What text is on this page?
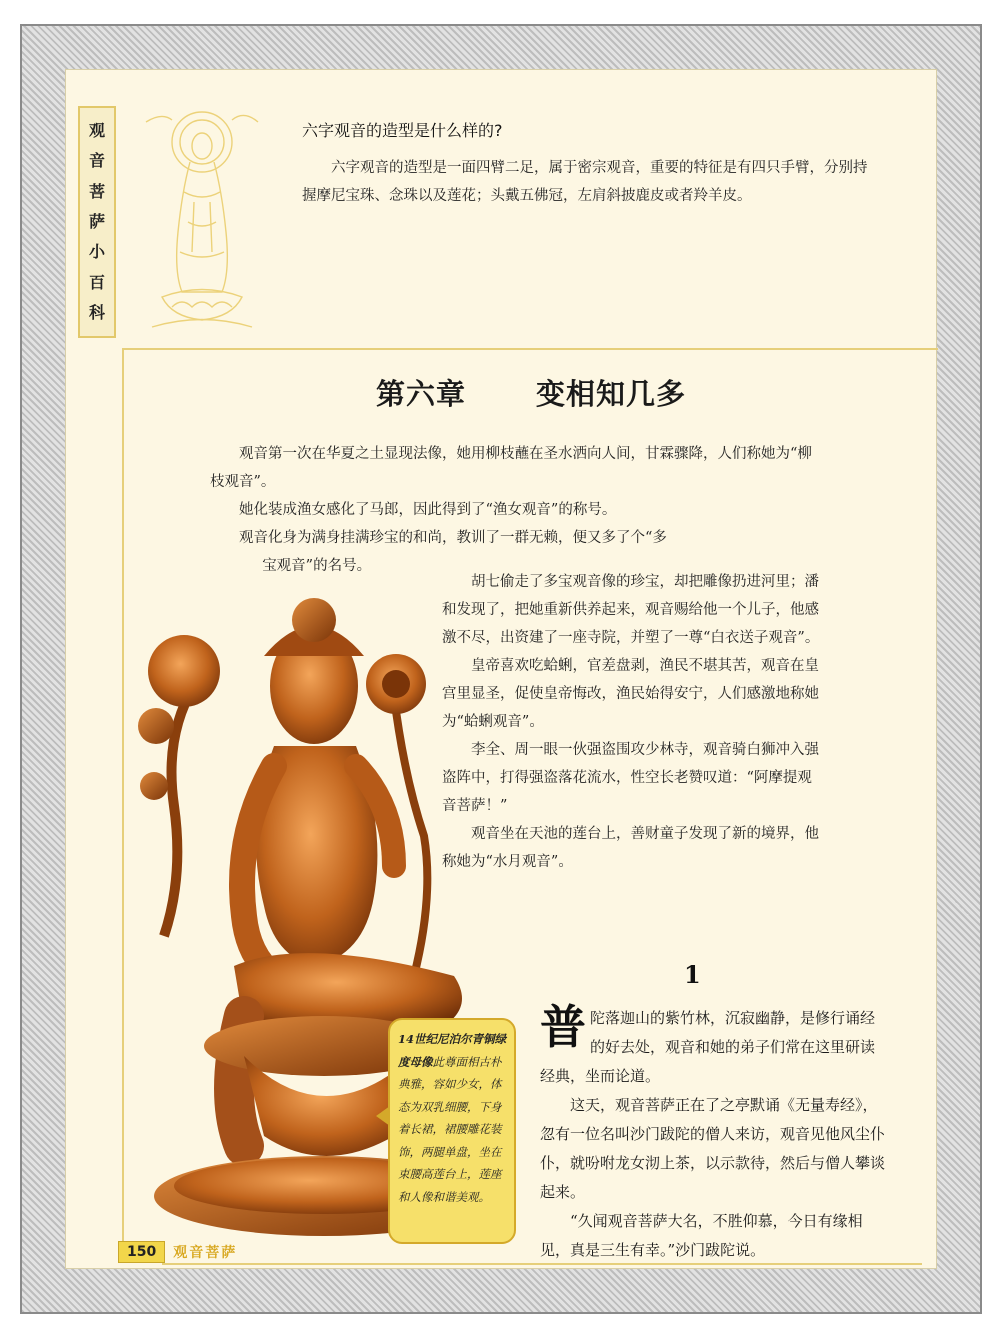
观
音
菩
萨
小
百
科
六字观音的造型是什么样的?

六字观音的造型是一面四臂二足，属于密宗观音，重要的特征是有四只手臂，分别持握摩尼宝珠、念珠以及莲花；头戴五佛冠，左肩斜披鹿皮或者羚羊皮。

第六章 变相知几多

观音第一次在华夏之土显现法像，她用柳枝蘸在圣水洒向人间，甘霖骤降，人们称她为“柳枝观音”。

她化装成渔女感化了马郎，因此得到了“渔女观音”的称号。

观音化身为满身挂满珍宝的和尚，教训了一群无赖，便又多了个“多

宝观音”的名号。

胡七偷走了多宝观音像的珍宝，却把雕像扔进河里；潘和发现了，把她重新供养起来，观音赐给他一个儿子，他感激不尽，出资建了一座寺院，并塑了一尊“白衣送子观音”。

皇帝喜欢吃蛤蜊，官差盘剥，渔民不堪其苦，观音在皇宫里显圣，促使皇帝悔改，渔民始得安宁，人们感激地称她为“蛤蜊观音”。

李全、周一眼一伙强盗围攻少林寺，观音骑白狮冲入强盗阵中，打得强盗落花流水，性空长老赞叹道：“阿摩提观音菩萨！”

观音坐在天池的莲台上，善财童子发现了新的境界，他称她为“水月观音”。

14世纪尼泊尔青铜绿度母像此尊面相古朴典雅，容如少女，体态为双乳细腰，下身着长裙，裙腰雕花装饰，两腿单盘，坐在束腰高莲台上，莲座和人像和谐美观。
1

普陀落迦山的紫竹林，沉寂幽静，是修行诵经的好去处，观音和她的弟子们常在这里研读经典，坐而论道。

这天，观音菩萨正在了之亭默诵《无量寿经》，忽有一位名叫沙门跋陀的僧人来访，观音见他风尘仆仆，就吩咐龙女沏上茶，以示款待，然后与僧人攀谈起来。

“久闻观音菩萨大名，不胜仰慕，今日有缘相见，真是三生有幸。”沙门跋陀说。

150	观音菩萨
